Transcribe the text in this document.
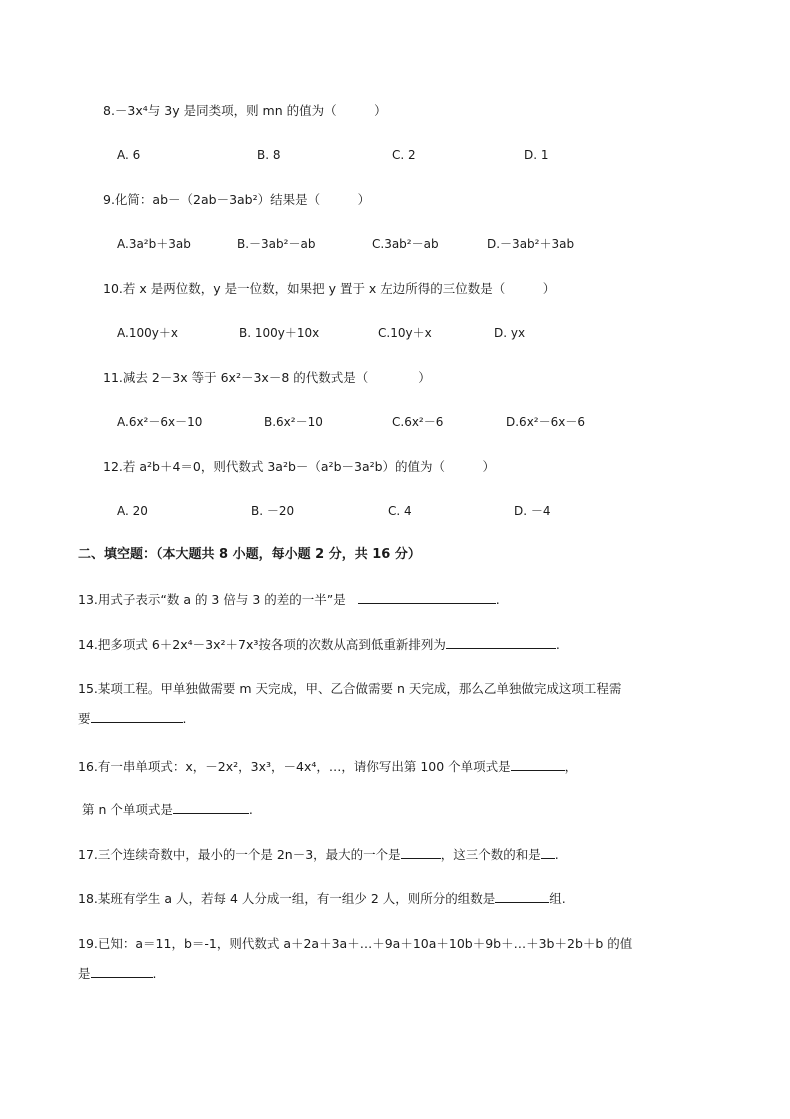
8.－3x⁴与 3y 是同类项，则 mn 的值为（　　　）
A. 6	B. 8	C. 2	D. 1
9.化简：ab－（2ab－3ab²）结果是（　　　）
A.3a²b＋3ab	B.－3ab²－ab	C.3ab²－ab	D.－3ab²＋3ab
10.若 x 是两位数，y 是一位数，如果把 y 置于 x 左边所得的三位数是（　　　）
A.100y＋x	B. 100y＋10x	C.10y＋x	D. yx
11.减去 2－3x 等于 6x²－3x－8 的代数式是（　　　　）
A.6x²－6x－10	B.6x²－10	C.6x²－6	D.6x²－6x－6
12.若 a²b＋4＝0，则代数式 3a²b－（a²b－3a²b）的值为（　　　）
A. 20	B. －20	C. 4	D. －4
二、填空题：（本大题共 8 小题，每小题 2 分，共 16 分）
13.用式子表示“数 a 的 3 倍与 3 的差的一半”是	.
14.把多项式 6＋2x⁴－3x²＋7x³按各项的次数从高到低重新排列为	.
15.某项工程。甲单独做需要 m 天完成，甲、乙合做需要 n 天完成，那么乙单独做完成这项工程需
要	.
16.有一串单项式：x，－2x²，3x³，－4x⁴，…，请你写出第 100 个单项式是	，
第 n 个单项式是	.
17.三个连续奇数中，最小的一个是 2n－3，最大的一个是	，这三个数的和是 .
18.某班有学生 a 人，若每 4 人分成一组，有一组少 2 人，则所分的组数是	组.
19.已知：a＝11，b＝-1，则代数式 a＋2a＋3a＋…＋9a＋10a＋10b＋9b＋…＋3b＋2b＋b 的值
是	.
